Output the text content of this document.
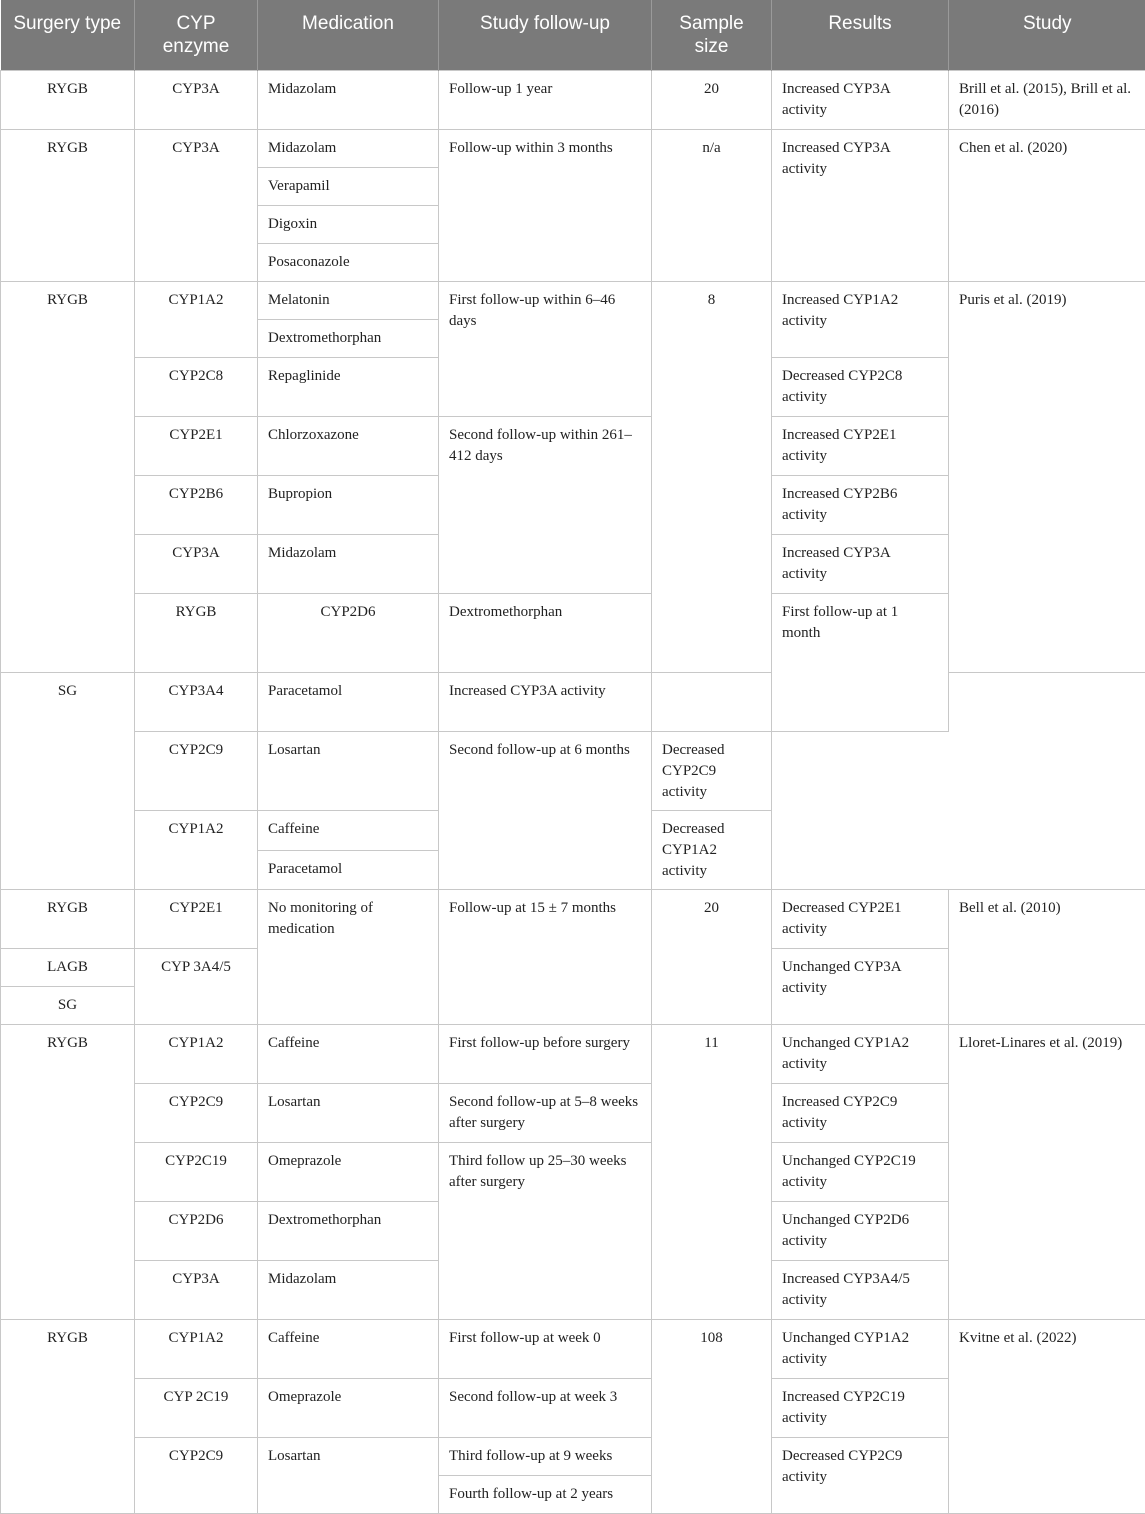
Surgery type	CYP enzyme	Medication	Study follow-up	Sample size	Results	Study	
RYGB	CYP3A	Midazolam	Follow-up 1 year	20	Increased CYP3A activity	Brill et al. (2015), Brill et al. (2016)	
RYGB	CYP3A	Midazolam	Follow-up within 3 months	n/a	Increased CYP3A activity	Chen et al. (2020)	
		Verapamil					
		Digoxin					
		Posaconazole					
RYGB	CYP1A2	Melatonin	First follow-up within 6–46 days	8	Increased CYP1A2 activity	Puris et al. (2019)	
		Dextromethorphan					
	CYP2C8	Repaglinide			Decreased CYP2C8 activity		
	CYP2E1	Chlorzoxazone	Second follow-up within 261–412 days		Increased CYP2E1 activity		
	CYP2B6	Bupropion			Increased CYP2B6 activity		
	CYP3A	Midazolam			Increased CYP3A activity		
	RYGB	CYP2D6	Dextromethorphan		First follow-up at 1 month			
SG	CYP3A4	Paracetamol	Increased CYP3A activity				
	CYP2C9	Losartan	Second follow-up at 6 months	Decreased CYP2C9 activity			
	CYP1A2	Caffeine		Decreased CYP1A2 activity			
		Paracetamol					
RYGB	CYP2E1	No monitoring of medication	Follow-up at 15 ± 7 months	20	Decreased CYP2E1 activity	Bell et al. (2010)	
LAGB	CYP 3A4/5				Unchanged CYP3A activity		
SG							
RYGB	CYP1A2	Caffeine	First follow-up before surgery	11	Unchanged CYP1A2 activity	Lloret-Linares et al. (2019)	
	CYP2C9	Losartan	Second follow-up at 5–8 weeks after surgery		Increased CYP2C9 activity		
	CYP2C19	Omeprazole	Third follow up 25–30 weeks after surgery		Unchanged CYP2C19 activity		
	CYP2D6	Dextromethorphan			Unchanged CYP2D6 activity		
	CYP3A	Midazolam			Increased CYP3A4/5 activity		
RYGB	CYP1A2	Caffeine	First follow-up at week 0	108	Unchanged CYP1A2 activity	Kvitne et al. (2022)	
	CYP 2C19	Omeprazole	Second follow-up at week 3		Increased CYP2C19 activity		
	CYP2C9	Losartan	Third follow-up at 9 weeks		Decreased CYP2C9 activity		
			Fourth follow-up at 2 years				
